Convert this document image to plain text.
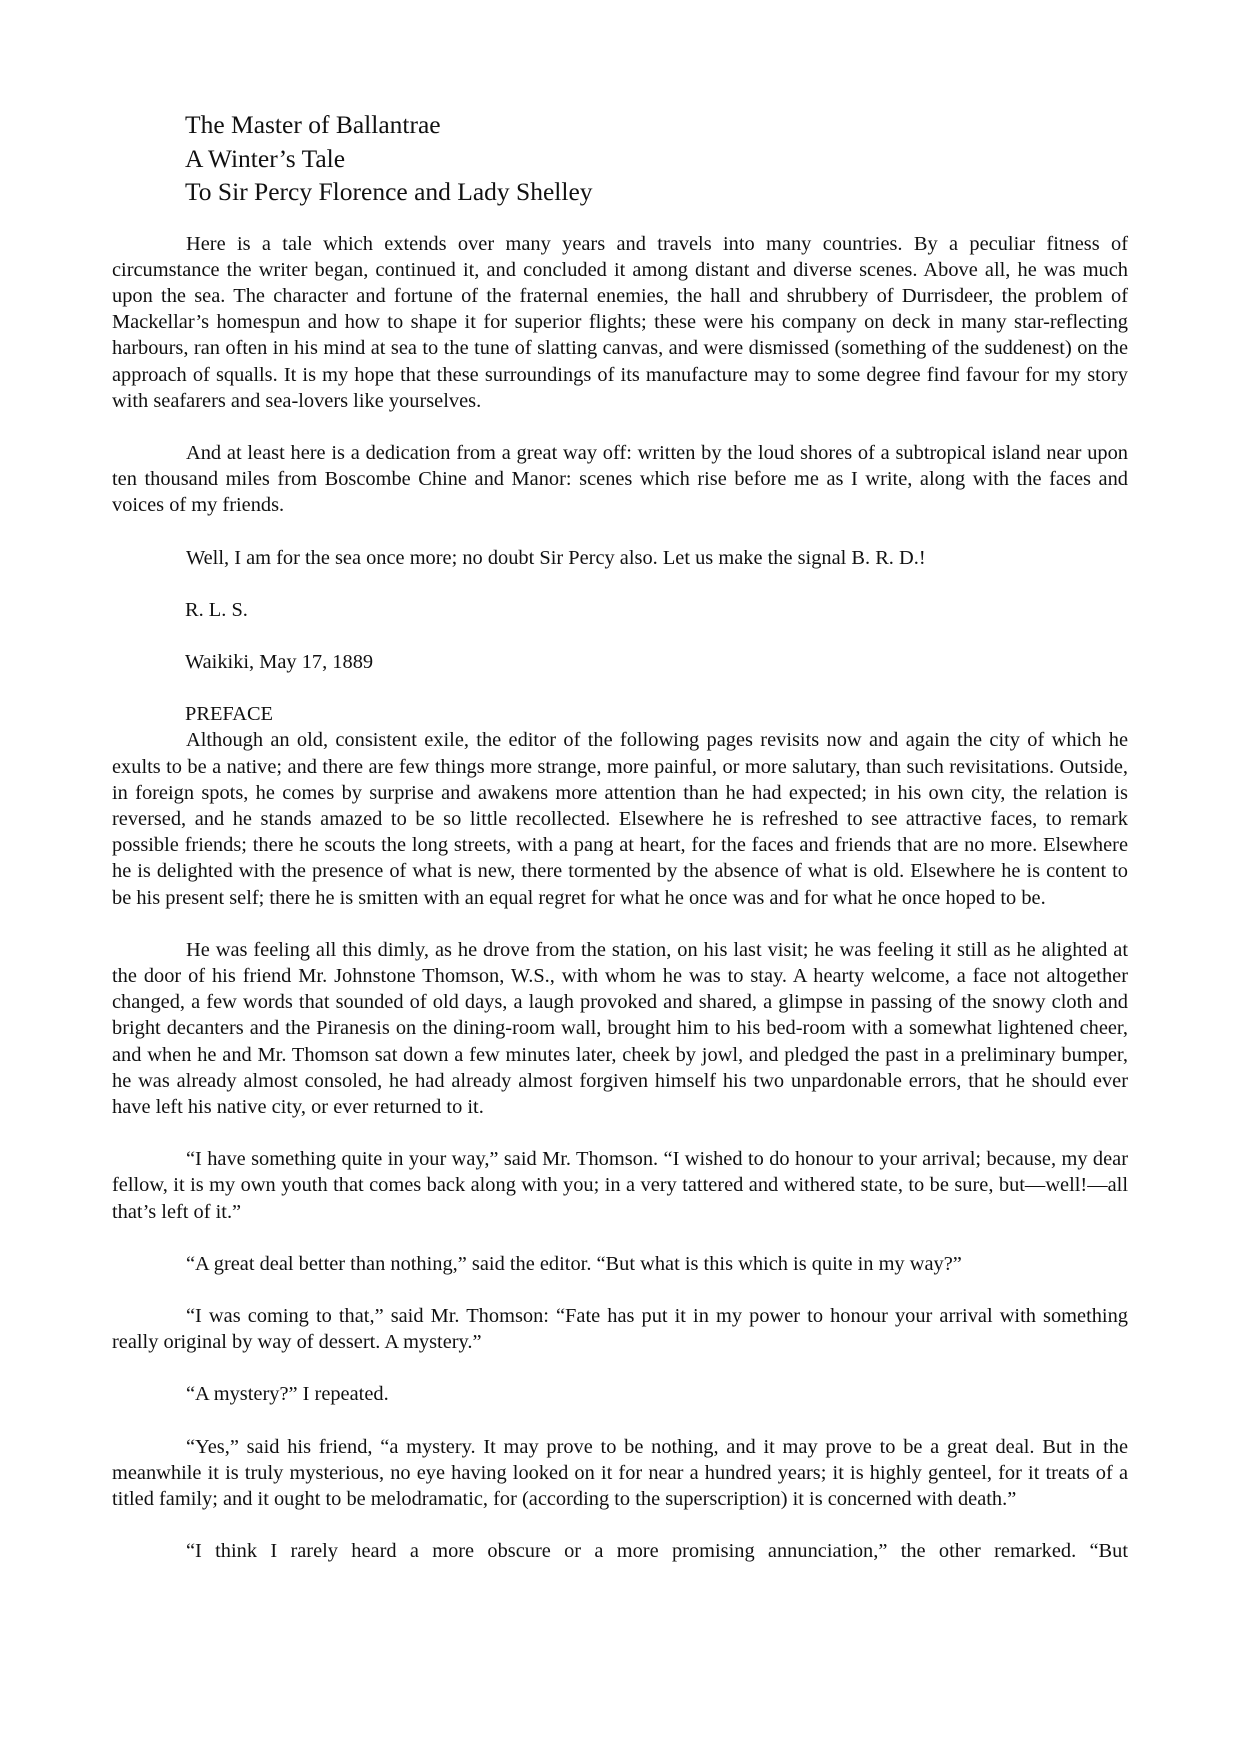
The Master of Ballantrae
A Winter’s Tale
To Sir Percy Florence and Lady Shelley

Here is a tale which extends over many years and travels into many countries. By a peculiar fitness of circumstance the writer began, continued it, and concluded it among distant and diverse scenes. Above all, he was much upon the sea. The character and fortune of the fraternal enemies, the hall and shrubbery of Durrisdeer, the problem of Mackellar’s homespun and how to shape it for superior flights; these were his company on deck in many star-reflecting harbours, ran often in his mind at sea to the tune of slatting canvas, and were dismissed (something of the suddenest) on the approach of squalls. It is my hope that these surroundings of its manufacture may to some degree find favour for my story with seafarers and sea-lovers like yourselves.

And at least here is a dedication from a great way off: written by the loud shores of a subtropical island near upon ten thousand miles from Boscombe Chine and Manor: scenes which rise before me as I write, along with the faces and voices of my friends.

Well, I am for the sea once more; no doubt Sir Percy also. Let us make the signal B. R. D.!

R. L. S.
Waikiki, May 17, 1889
PREFACE

Although an old, consistent exile, the editor of the following pages revisits now and again the city of which he exults to be a native; and there are few things more strange, more painful, or more salutary, than such revisitations. Outside, in foreign spots, he comes by surprise and awakens more attention than he had expected; in his own city, the relation is reversed, and he stands amazed to be so little recollected. Elsewhere he is refreshed to see attractive faces, to remark possible friends; there he scouts the long streets, with a pang at heart, for the faces and friends that are no more. Elsewhere he is delighted with the presence of what is new, there tormented by the absence of what is old. Elsewhere he is content to be his present self; there he is smitten with an equal regret for what he once was and for what he once hoped to be.

He was feeling all this dimly, as he drove from the station, on his last visit; he was feeling it still as he alighted at the door of his friend Mr. Johnstone Thomson, W.S., with whom he was to stay. A hearty welcome, a face not altogether changed, a few words that sounded of old days, a laugh provoked and shared, a glimpse in passing of the snowy cloth and bright decanters and the Piranesis on the dining-room wall, brought him to his bed-room with a somewhat lightened cheer, and when he and Mr. Thomson sat down a few minutes later, cheek by jowl, and pledged the past in a preliminary bumper, he was already almost consoled, he had already almost forgiven himself his two unpardonable errors, that he should ever have left his native city, or ever returned to it.

“I have something quite in your way,” said Mr. Thomson. “I wished to do honour to your arrival; because, my dear fellow, it is my own youth that comes back along with you; in a very tattered and withered state, to be sure, but—well!—all that’s left of it.”

“A great deal better than nothing,” said the editor. “But what is this which is quite in my way?”

“I was coming to that,” said Mr. Thomson: “Fate has put it in my power to honour your arrival with something really original by way of dessert. A mystery.”

“A mystery?” I repeated.

“Yes,” said his friend, “a mystery. It may prove to be nothing, and it may prove to be a great deal. But in the meanwhile it is truly mysterious, no eye having looked on it for near a hundred years; it is highly genteel, for it treats of a titled family; and it ought to be melodramatic, for (according to the superscription) it is concerned with death.”

“I think I rarely heard a more obscure or a more promising annunciation,” the other remarked. “But
